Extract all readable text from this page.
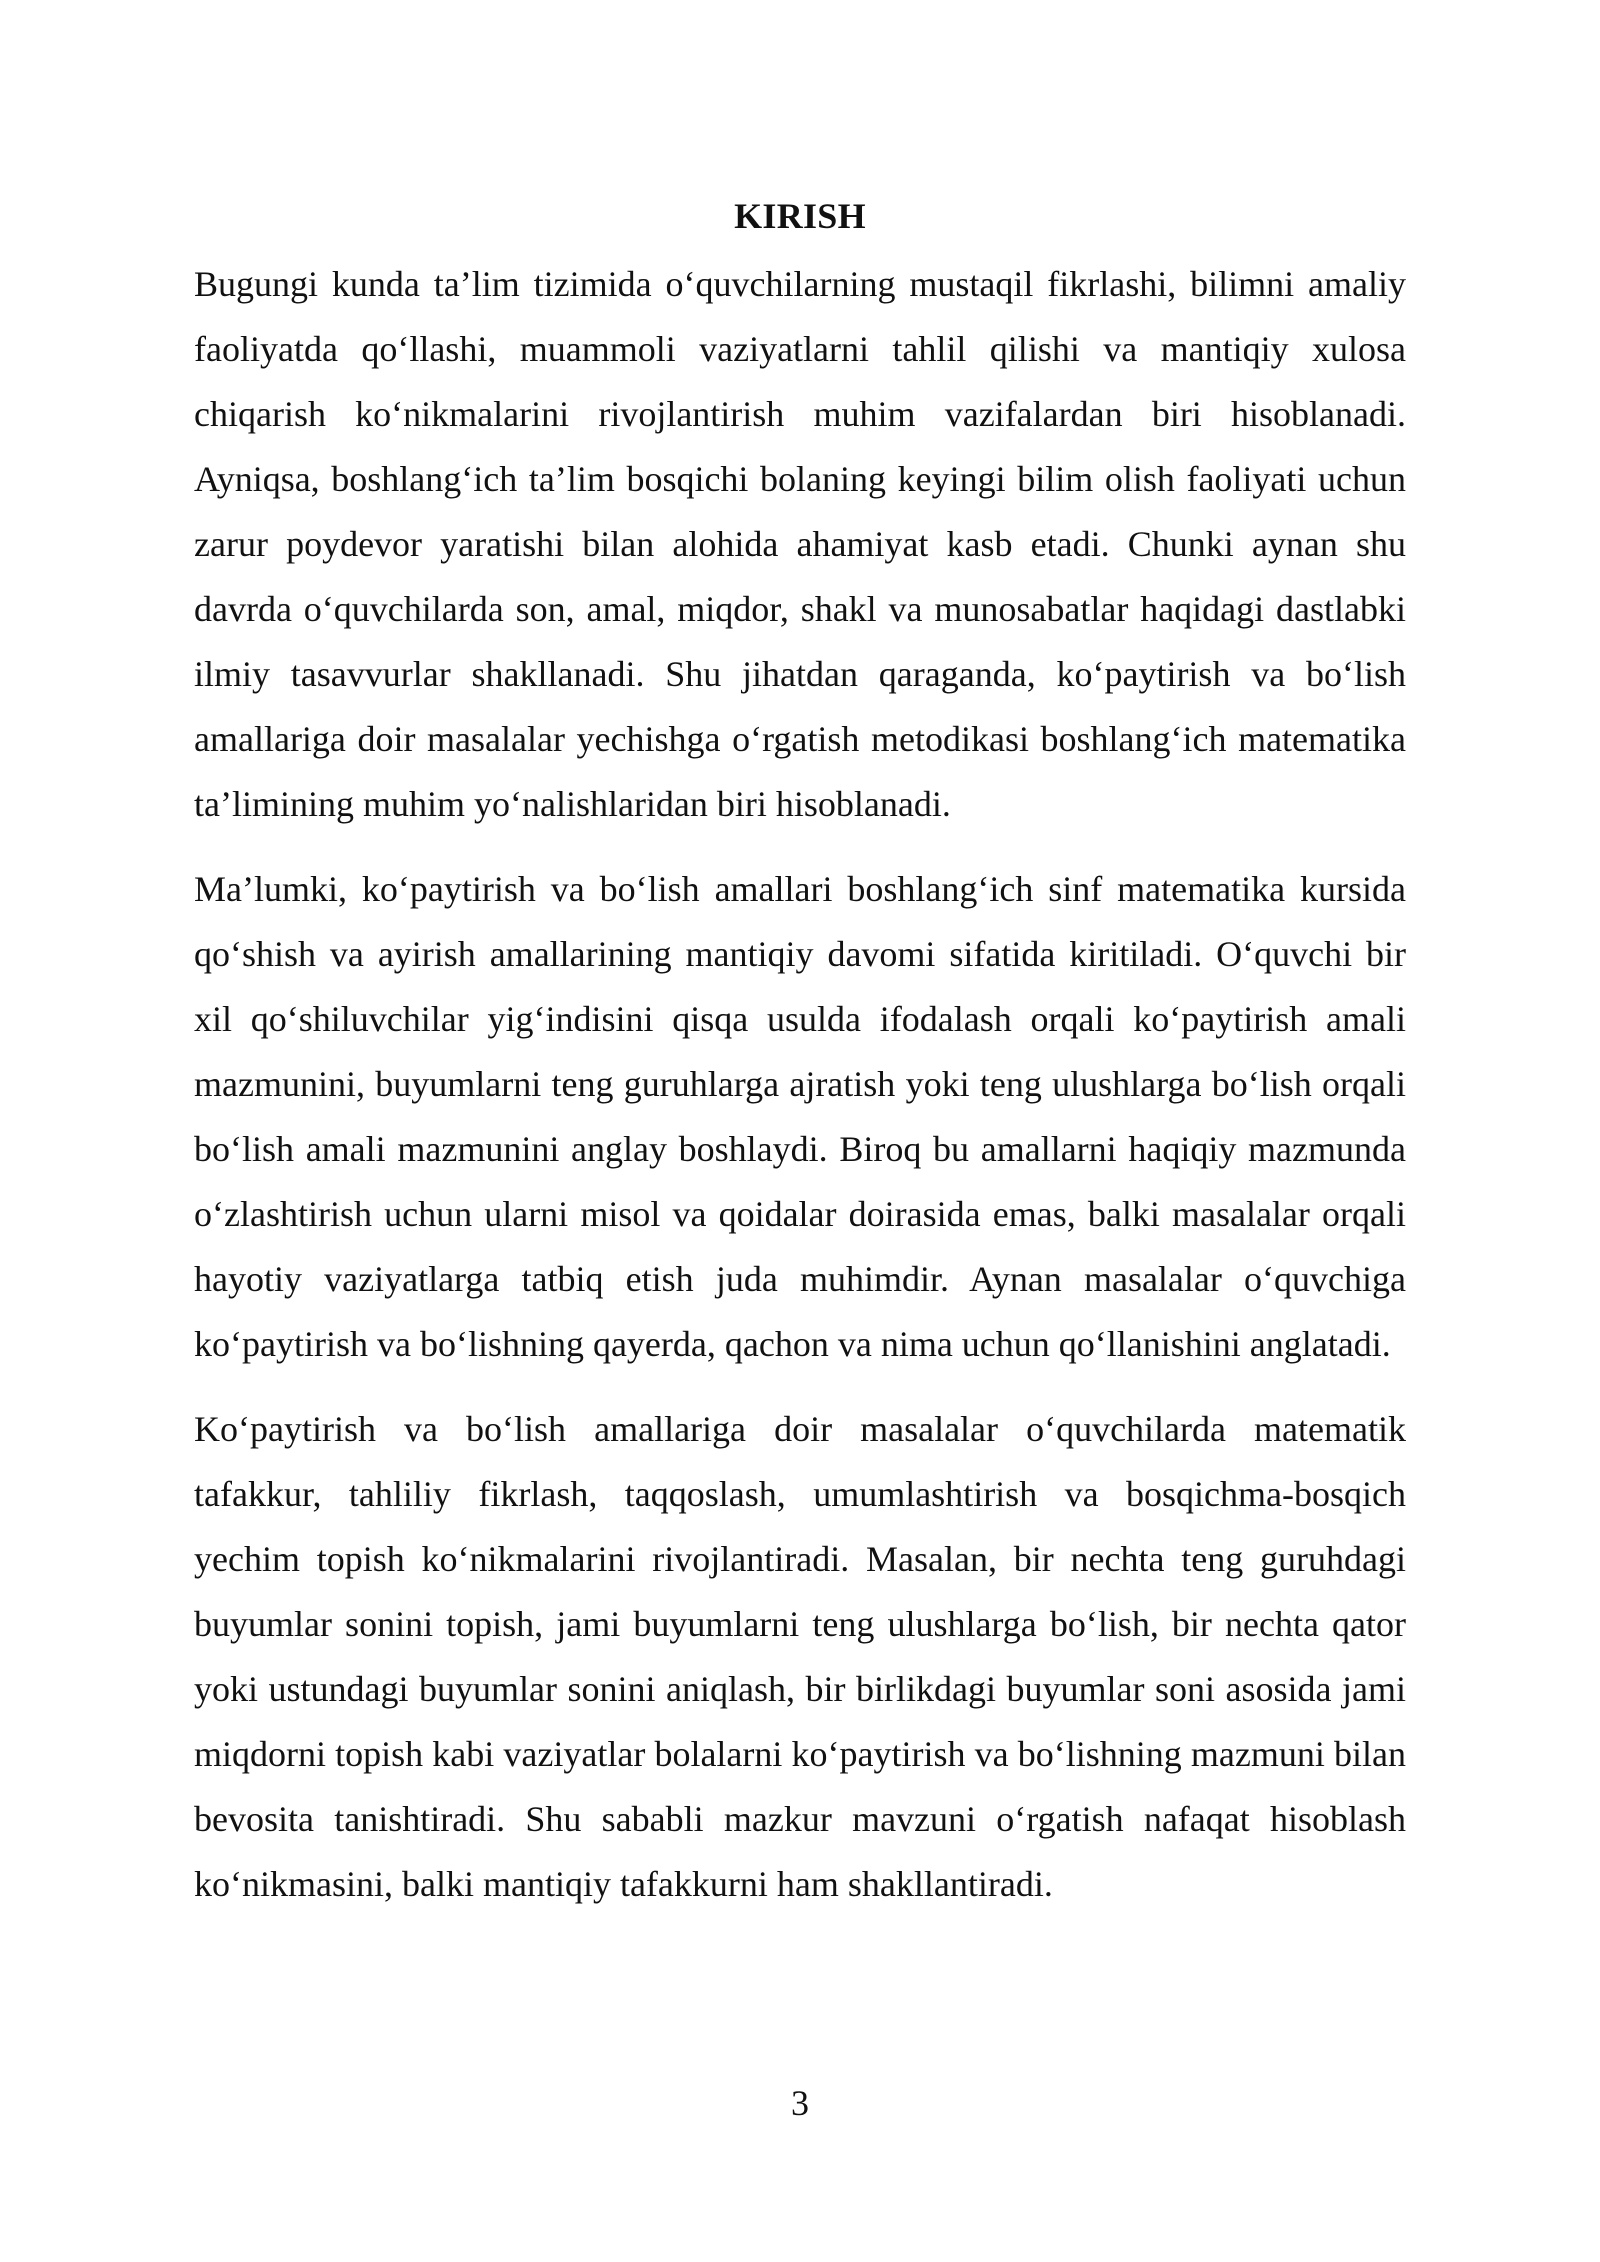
KIRISH

Bugungi kunda ta’lim tizimida o‘quvchilarning mustaqil fikrlashi, bilimni amaliy faoliyatda qo‘llashi, muammoli vaziyatlarni tahlil qilishi va mantiqiy xulosa chiqarish ko‘nikmalarini rivojlantirish muhim vazifalardan biri hisoblanadi. Ayniqsa, boshlang‘ich ta’lim bosqichi bolaning keyingi bilim olish faoliyati uchun zarur poydevor yaratishi bilan alohida ahamiyat kasb etadi. Chunki aynan shu davrda o‘quvchilarda son, amal, miqdor, shakl va munosabatlar haqidagi dastlabki ilmiy tasavvurlar shakllanadi. Shu jihatdan qaraganda, ko‘paytirish va bo‘lish amallariga doir masalalar yechishga o‘rgatish metodikasi boshlang‘ich matematika ta’limining muhim yo‘nalishlaridan biri hisoblanadi.

Ma’lumki, ko‘paytirish va bo‘lish amallari boshlang‘ich sinf matematika kursida qo‘shish va ayirish amallarining mantiqiy davomi sifatida kiritiladi. O‘quvchi bir xil qo‘shiluvchilar yig‘indisini qisqa usulda ifodalash orqali ko‘paytirish amali mazmunini, buyumlarni teng guruhlarga ajratish yoki teng ulushlarga bo‘lish orqali bo‘lish amali mazmunini anglay boshlaydi. Biroq bu amallarni haqiqiy mazmunda o‘zlashtirish uchun ularni misol va qoidalar doirasida emas, balki masalalar orqali hayotiy vaziyatlarga tatbiq etish juda muhimdir. Aynan masalalar o‘quvchiga ko‘paytirish va bo‘lishning qayerda, qachon va nima uchun qo‘llanishini anglatadi.

Ko‘paytirish va bo‘lish amallariga doir masalalar o‘quvchilarda matematik tafakkur, tahliliy fikrlash, taqqoslash, umumlashtirish va bosqichma-bosqich yechim topish ko‘nikmalarini rivojlantiradi. Masalan, bir nechta teng guruhdagi buyumlar sonini topish, jami buyumlarni teng ulushlarga bo‘lish, bir nechta qator yoki ustundagi buyumlar sonini aniqlash, bir birlikdagi buyumlar soni asosida jami miqdorni topish kabi vaziyatlar bolalarni ko‘paytirish va bo‘lishning mazmuni bilan bevosita tanishtiradi. Shu sababli mazkur mavzuni o‘rgatish nafaqat hisoblash ko‘nikmasini, balki mantiqiy tafakkurni ham shakllantiradi.

3
